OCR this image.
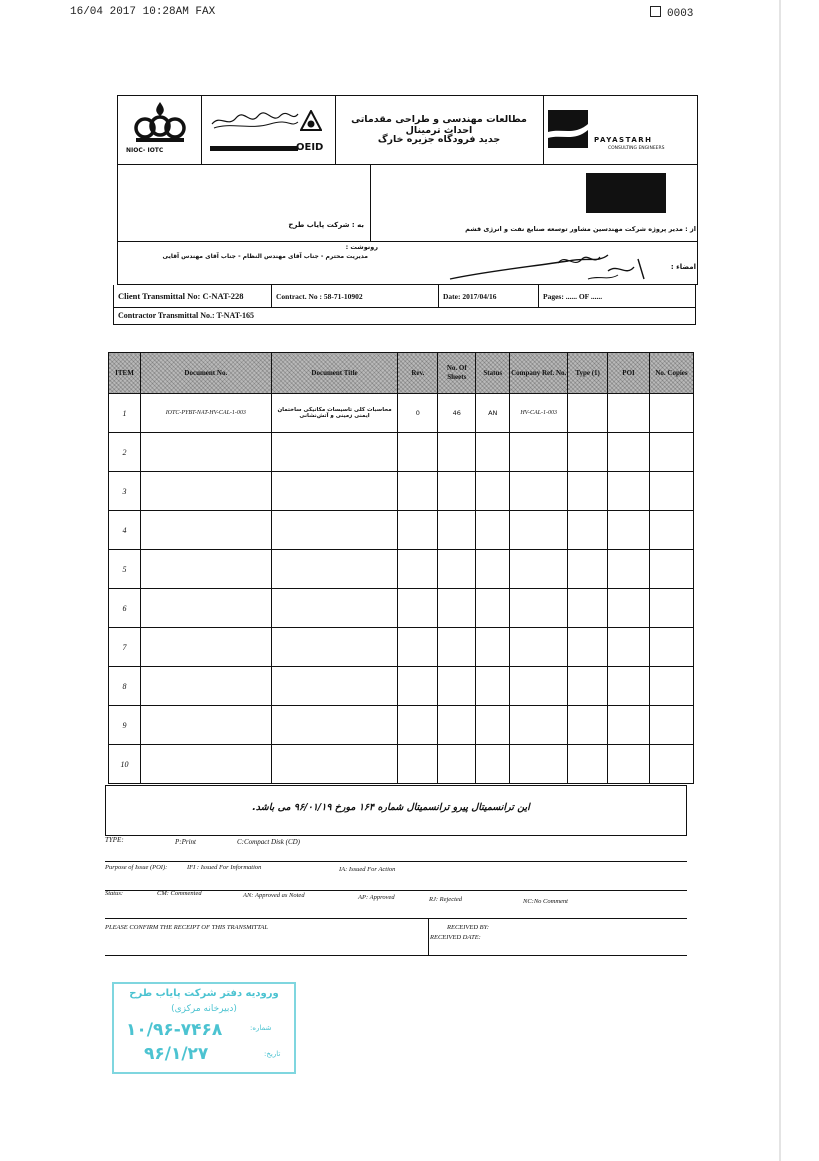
16/04 2017 10:28AM FAX	0003
NIOC- IOTC	OEID
مطالعات مهندسی و طراحی مقدماتی احداث ترمینال
جدید فرودگاه جزیره خارگ	PAYASTARH
CONSULTING ENGINEERS
به : شرکت پایاب طرح	از : مدیر پروژه شرکت مهندسین مشاور توسعه صنایع نفت و انرژی قشم
رونوشت :
مدیریت محترم - جناب آقای مهندس النظام - جناب آقای مهندس آقایی
امضاء :
Client Transmittal No: C-NAT-228	Contract. No : 58-71-10902	Date: 2017/04/16	Pages: ...... OF ......
Contractor Transmittal No.: T-NAT-165
ITEM	Document No.	Document Title	Rev.	No. Of Sheets	Status	Company Ref. No.	Type (1)	POI	No. Copies
1	IOTC-PYBT-NAT-HV-CAL-1-003	محاسبات کلی تاسیسات مکانیکی ساختمان ایمنی زمینی و آتش‌نشانی	0	46	AN	HV-CAL-1-003			
2									
3									
4									
5									
6									
7									
8									
9									
10									
این ترانسمیتال پیرو ترانسمیتال شماره ۱۶۴ مورخ ۹۶/۰۱/۱۹ می باشد.
TYPE:	P:Print	C:Compact Disk (CD)
Purpose of Issue (POI):	IFI : Issued For Information	IA: Issued For Action
Status:	CM: Commented	AN: Approved as Noted	AP: Approved	RJ: Rejected	NC:No Comment
PLEASE CONFIRM THE RECEIPT OF THIS TRANSMITTAL	RECEIVED BY:
RECEIVED DATE:
ورودیه دفتر شرکت پایاب طرح
(دبیرخانه مرکزی)
شماره:
۱۰/۹۶-۷۴۶۸
تاریخ:
۹۶/۱/۲۷
